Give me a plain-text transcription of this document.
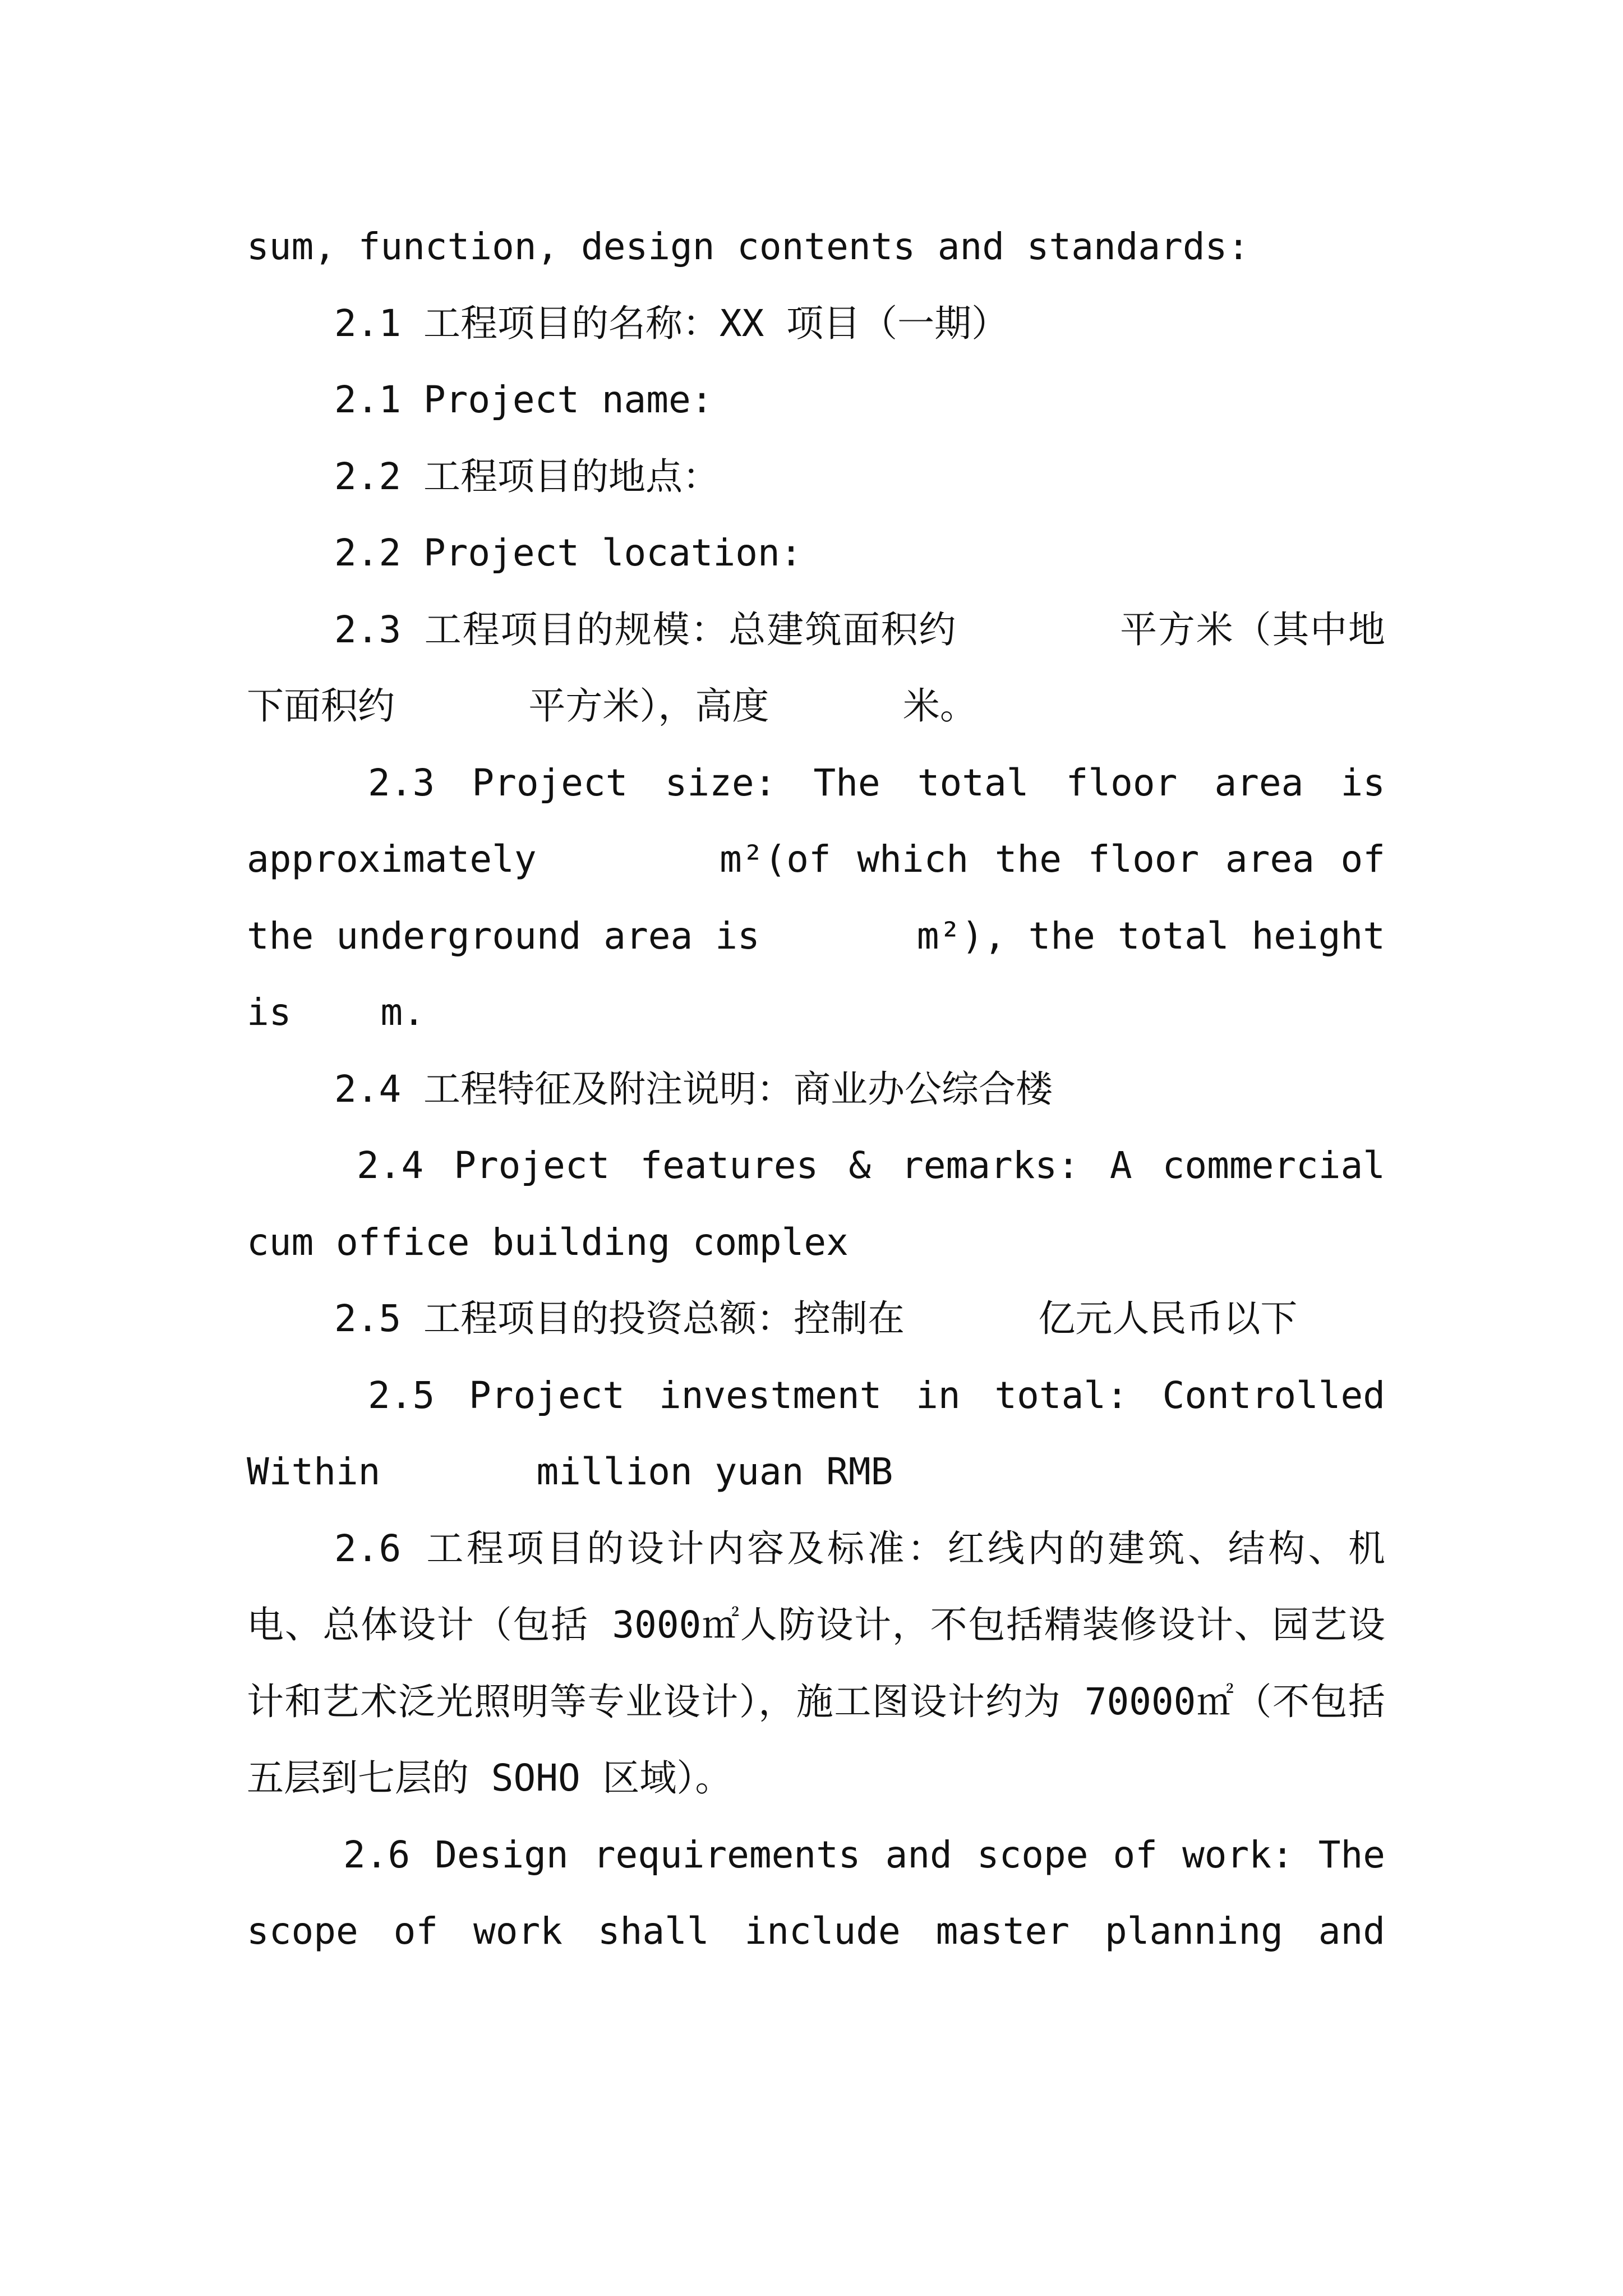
sum, function, design contents and standards:

2.1 工程项目的名称：XX 项目（一期）

2.1 Project name:

2.2 工程项目的地点：

2.2 Project location:

2.3 工程项目的规模：总建筑面积约       平方米（其中地下面积约      平方米），高度      米。

2.3 Project size: The total floor area is approximately       m²(of which the floor area of the underground area is       m²), the total height is    m.

2.4 工程特征及附注说明：商业办公综合楼

2.4 Project features & remarks: A commercial cum office building complex

2.5 工程项目的投资总额：控制在      亿元人民币以下

2.5 Project investment in total: Controlled Within       million yuan RMB

2.6 工程项目的设计内容及标准：红线内的建筑、结构、机电、总体设计（包括 3000㎡人防设计，不包括精装修设计、园艺设计和艺术泛光照明等专业设计），施工图设计约为 70000㎡（不包括五层到七层的 SOHO 区域）。

2.6 Design requirements and scope of work: The scope of work shall include master planning and
